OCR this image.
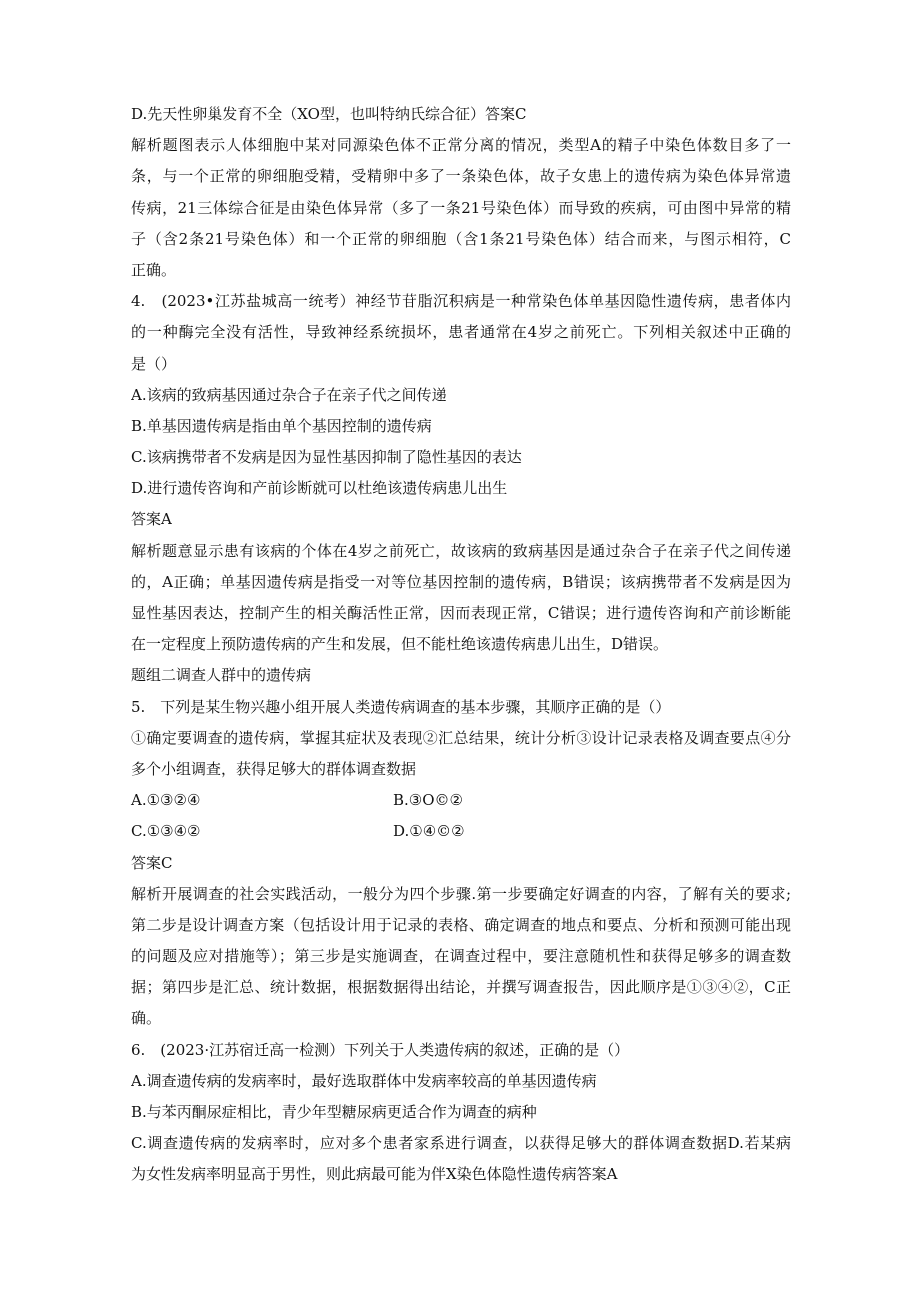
D.先天性卵巢发育不全（XO型，也叫特纳氏综合征）答案C
解析题图表示人体细胞中某对同源染色体不正常分离的情况，类型A的精子中染色体数目多了一
条，与一个正常的卵细胞受精，受精卵中多了一条染色体，故子女患上的遗传病为染色体异常遗
传病，21三体综合征是由染色体异常（多了一条21号染色体）而导致的疾病，可由图中异常的精
子（含2条21号染色体）和一个正常的卵细胞（含1条21号染色体）结合而来，与图示相符，C
正确。
4.　(2023•江苏盐城高一统考）神经节苷脂沉积病是一种常染色体单基因隐性遗传病，患者体内
的一种酶完全没有活性，导致神经系统损坏，患者通常在4岁之前死亡。下列相关叙述中正确的
是（）
A.该病的致病基因通过杂合子在亲子代之间传递
B.单基因遗传病是指由单个基因控制的遗传病
C.该病携带者不发病是因为显性基因抑制了隐性基因的表达
D.进行遗传咨询和产前诊断就可以杜绝该遗传病患儿出生
答案A
解析题意显示患有该病的个体在4岁之前死亡，故该病的致病基因是通过杂合子在亲子代之间传递
的，A正确；单基因遗传病是指受一对等位基因控制的遗传病，B错误；该病携带者不发病是因为
显性基因表达，控制产生的相关酶活性正常，因而表现正常，C错误；进行遗传咨询和产前诊断能
在一定程度上预防遗传病的产生和发展，但不能杜绝该遗传病患儿出生，D错误。
题组二调查人群中的遗传病
5.　下列是某生物兴趣小组开展人类遗传病调查的基本步骤，其顺序正确的是（）
①确定要调查的遗传病，掌握其症状及表现②汇总结果，统计分析③设计记录表格及调查要点④分
多个小组调查，获得足够大的群体调查数据
A.①③②④	B.③O©②
C.①③④②	D.①④©②
答案C
解析开展调查的社会实践活动，一般分为四个步骤.第一步要确定好调查的内容，了解有关的要求;
第二步是设计调查方案（包括设计用于记录的表格、确定调查的地点和要点、分析和预测可能出现
的问题及应对措施等）；第三步是实施调查，在调查过程中，要注意随机性和获得足够多的调查数
据；第四步是汇总、统计数据，根据数据得出结论，并撰写调查报告，因此顺序是①③④②，C正
确。
6.　(2023·江苏宿迁高一检测）下列关于人类遗传病的叙述，正确的是（）
A.调查遗传病的发病率时，最好选取群体中发病率较高的单基因遗传病
B.与苯丙酮尿症相比，青少年型糖尿病更适合作为调查的病种
C.调查遗传病的发病率时，应对多个患者家系进行调查，以获得足够大的群体调查数据D.若某病
为女性发病率明显高于男性，则此病最可能为伴X染色体隐性遗传病答案A
